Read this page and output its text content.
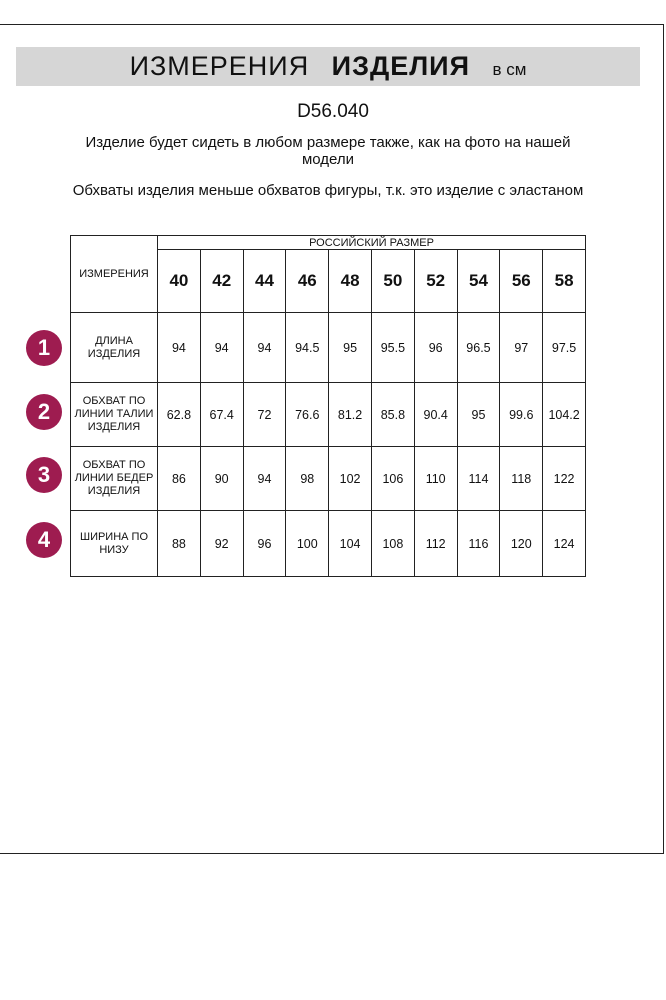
ИЗМЕРЕНИЯ ИЗДЕЛИЯ в см
D56.040
Изделие будет сидеть в любом размере также, как на фото на нашей модели
Обхваты изделия меньше обхватов фигуры, т.к. это изделие с эластаном
ИЗМЕРЕНИЯ	РОССИЙСКИЙ РАЗМЕР									
	40	42	44	46	48	50	52	54	56	58
ДЛИНА ИЗДЕЛИЯ	94	94	94	94.5	95	95.5	96	96.5	97	97.5
ОБХВАТ ПО ЛИНИИ ТАЛИИ ИЗДЕЛИЯ	62.8	67.4	72	76.6	81.2	85.8	90.4	95	99.6	104.2
ОБХВАТ ПО ЛИНИИ БЕДЕР ИЗДЕЛИЯ	86	90	94	98	102	106	110	114	118	122
ШИРИНА ПО НИЗУ	88	92	96	100	104	108	112	116	120	124
1
2
3
4
